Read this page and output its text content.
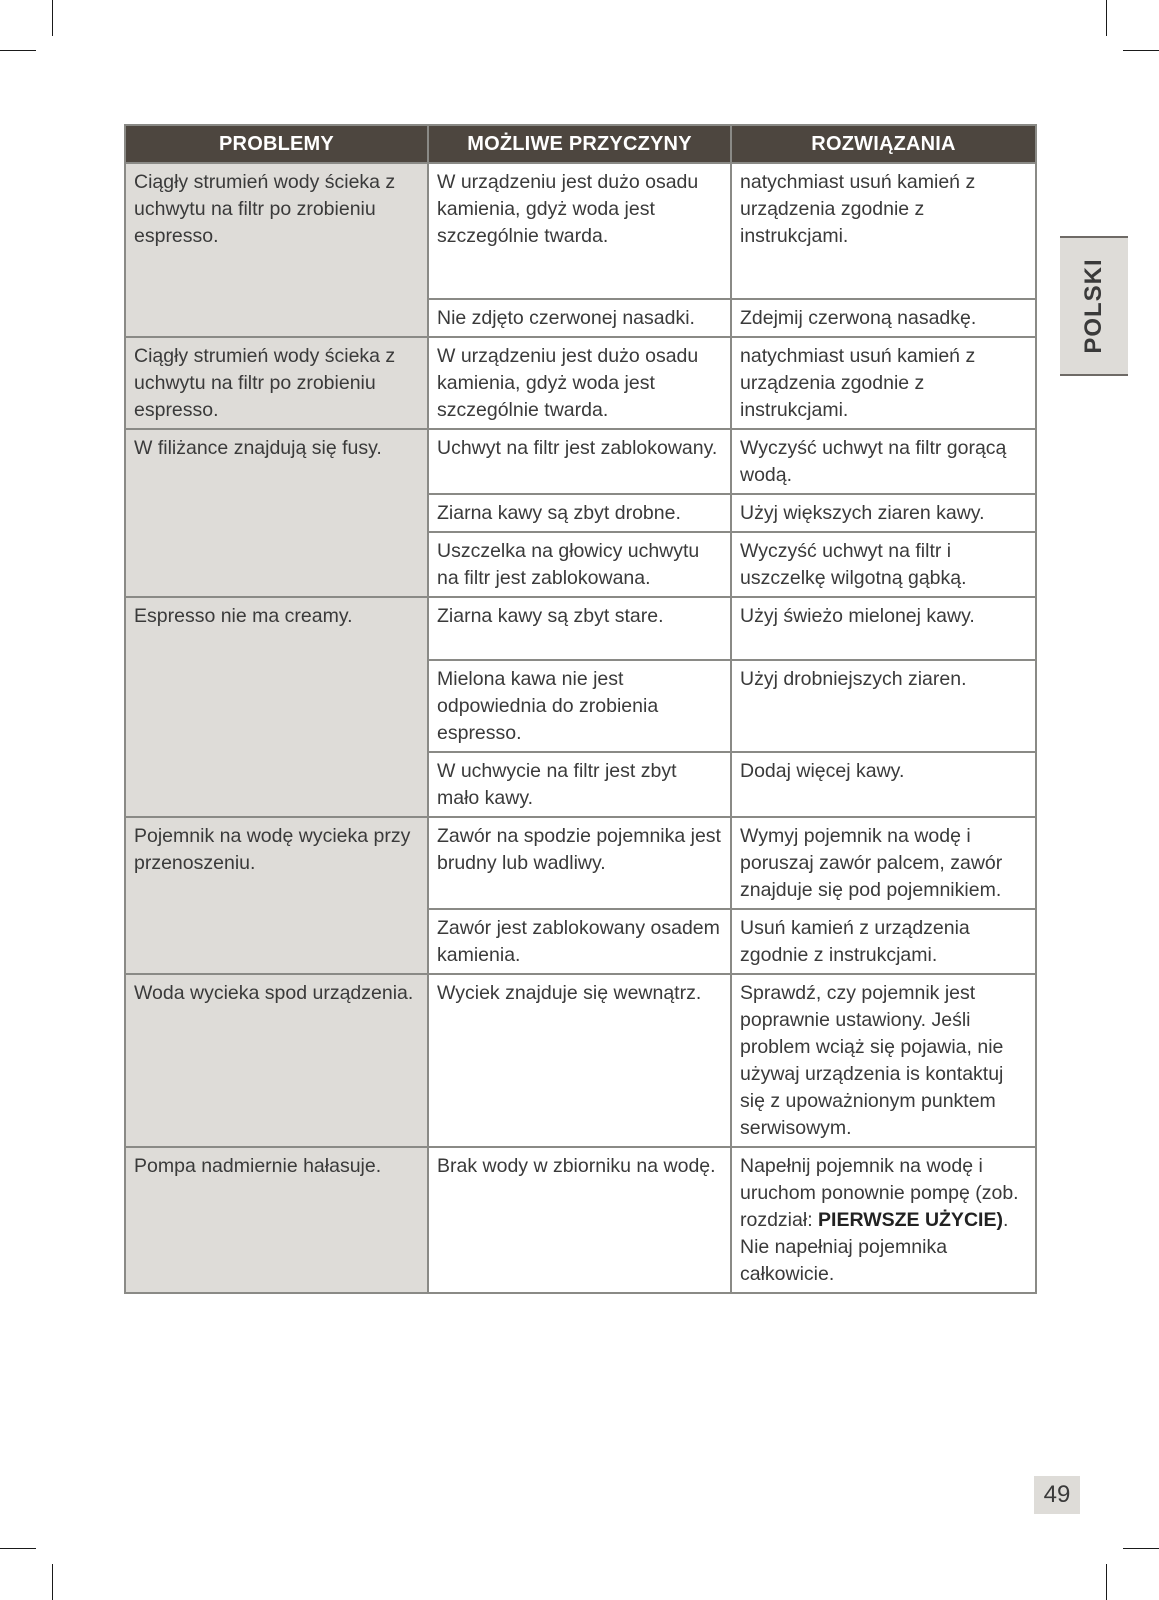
PROBLEMY	MOŻLIWE PRZYCZYNY	ROZWIĄZANIA
Ciągły strumień wody ścieka z uchwytu na filtr po zrobieniu espresso.	W urządzeniu jest dużo osadu kamienia, gdyż woda jest szczególnie twarda.	natychmiast usuń kamień z urządzenia zgodnie z instrukcjami.
	Nie zdjęto czerwonej nasadki.	Zdejmij czerwoną nasadkę.
Ciągły strumień wody ścieka z uchwytu na filtr po zrobieniu espresso.	W urządzeniu jest dużo osadu kamienia, gdyż woda jest szczególnie twarda.	natychmiast usuń kamień z urządzenia zgodnie z instrukcjami.
W filiżance znajdują się fusy.	Uchwyt na filtr jest zablokowany.	Wyczyść uchwyt na filtr gorącą wodą.
	Ziarna kawy są zbyt drobne.	Użyj większych ziaren kawy.
	Uszczelka na głowicy uchwytu na filtr jest zablokowana.	Wyczyść uchwyt na filtr i uszczelkę wilgotną gąbką.
Espresso nie ma creamy.	Ziarna kawy są zbyt stare.	Użyj świeżo mielonej kawy.
	Mielona kawa nie jest odpowiednia do zrobienia espresso.	Użyj drobniejszych ziaren.
	W uchwycie na filtr jest zbyt mało kawy.	Dodaj więcej kawy.
Pojemnik na wodę wycieka przy przenoszeniu.	Zawór na spodzie pojemnika jest brudny lub wadliwy.	Wymyj pojemnik na wodę i poruszaj zawór palcem, zawór znajduje się pod pojemnikiem.
	Zawór jest zablokowany osadem kamienia.	Usuń kamień z urządzenia zgodnie z instrukcjami.
Woda wycieka spod urządzenia.	Wyciek znajduje się wewnątrz.	Sprawdź, czy pojemnik jest poprawnie ustawiony. Jeśli problem wciąż się pojawia, nie używaj urządzenia is kontaktuj się z upoważnionym punktem serwisowym.
Pompa nadmiernie hałasuje.	Brak wody w zbiorniku na wodę.	Napełnij pojemnik na wodę i uruchom ponownie pompę (zob. rozdział: PIERWSZE UŻYCIE). Nie napełniaj pojemnika całkowicie.
POLSKI
49
